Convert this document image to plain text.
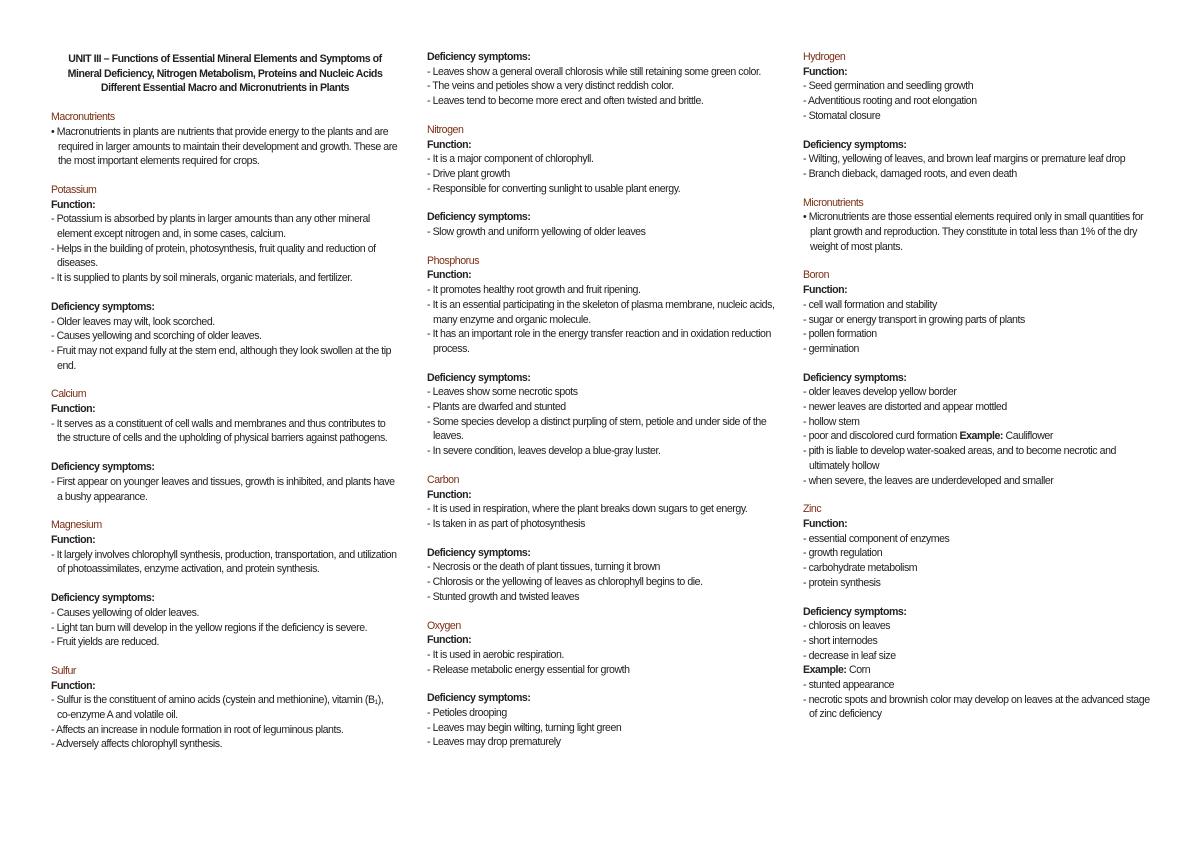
UNIT III – Functions of Essential Mineral Elements and Symptoms of
Mineral Deficiency, Nitrogen Metabolism, Proteins and Nucleic Acids
Different Essential Macro and Micronutrients in Plants
Macronutrients
• Macronutrients in plants are nutrients that provide energy to the plants and are required in larger amounts to maintain their development and growth. These are the most important elements required for crops.
Potassium
Function:
- Potassium is absorbed by plants in larger amounts than any other mineral element except nitrogen and, in some cases, calcium.
- Helps in the building of protein, photosynthesis, fruit quality and reduction of diseases.
- It is supplied to plants by soil minerals, organic materials, and fertilizer.
Deficiency symptoms:
- Older leaves may wilt, look scorched.
- Causes yellowing and scorching of older leaves.
- Fruit may not expand fully at the stem end, although they look swollen at the tip end.
Calcium
Function:
- It serves as a constituent of cell walls and membranes and thus contributes to the structure of cells and the upholding of physical barriers against pathogens.
Deficiency symptoms:
- First appear on younger leaves and tissues, growth is inhibited, and plants have a bushy appearance.
Magnesium
Function:
- It largely involves chlorophyll synthesis, production, transportation, and utilization of photoassimilates, enzyme activation, and protein synthesis.
Deficiency symptoms:
- Causes yellowing of older leaves.
- Light tan burn will develop in the yellow regions if the deficiency is severe.
- Fruit yields are reduced.
Sulfur
Function:
- Sulfur is the constituent of amino acids (cystein and methionine), vitamin (B₁), co-enzyme A and volatile oil.
- Affects an increase in nodule formation in root of leguminous plants.
- Adversely affects chlorophyll synthesis.
Deficiency symptoms:
- Leaves show a general overall chlorosis while still retaining some green color.
- The veins and petioles show a very distinct reddish color.
- Leaves tend to become more erect and often twisted and brittle.
Nitrogen
Function:
- It is a major component of chlorophyll.
- Drive plant growth
- Responsible for converting sunlight to usable plant energy.
Deficiency symptoms:
- Slow growth and uniform yellowing of older leaves
Phosphorus
Function:
- It promotes healthy root growth and fruit ripening.
- It is an essential participating in the skeleton of plasma membrane, nucleic acids, many enzyme and organic molecule.
- It has an important role in the energy transfer reaction and in oxidation reduction process.
Deficiency symptoms:
- Leaves show some necrotic spots
- Plants are dwarfed and stunted
- Some species develop a distinct purpling of stem, petiole and under side of the leaves.
- In severe condition, leaves develop a blue-gray luster.
Carbon
Function:
- It is used in respiration, where the plant breaks down sugars to get energy.
- Is taken in as part of photosynthesis
Deficiency symptoms:
- Necrosis or the death of plant tissues, turning it brown
- Chlorosis or the yellowing of leaves as chlorophyll begins to die.
- Stunted growth and twisted leaves
Oxygen
Function:
- It is used in aerobic respiration.
- Release metabolic energy essential for growth
Deficiency symptoms:
- Petioles drooping
- Leaves may begin wilting, turning light green
- Leaves may drop prematurely
Hydrogen
Function:
- Seed germination and seedling growth
- Adventitious rooting and root elongation
- Stomatal closure
Deficiency symptoms:
- Wilting, yellowing of leaves, and brown leaf margins or premature leaf drop
- Branch dieback, damaged roots, and even death
Micronutrients
• Micronutrients are those essential elements required only in small quantities for plant growth and reproduction. They constitute in total less than 1% of the dry weight of most plants.
Boron
Function:
- cell wall formation and stability
- sugar or energy transport in growing parts of plants
- pollen formation
- germination
Deficiency symptoms:
- older leaves develop yellow border
- newer leaves are distorted and appear mottled
- hollow stem
- poor and discolored curd formation Example: Cauliflower
- pith is liable to develop water-soaked areas, and to become necrotic and ultimately hollow
- when severe, the leaves are underdeveloped and smaller
Zinc
Function:
- essential component of enzymes
- growth regulation
- carbohydrate metabolism
- protein synthesis
Deficiency symptoms:
- chlorosis on leaves
- short internodes
- decrease in leaf size
Example: Corn
- stunted appearance
- necrotic spots and brownish color may develop on leaves at the advanced stage of zinc deficiency
